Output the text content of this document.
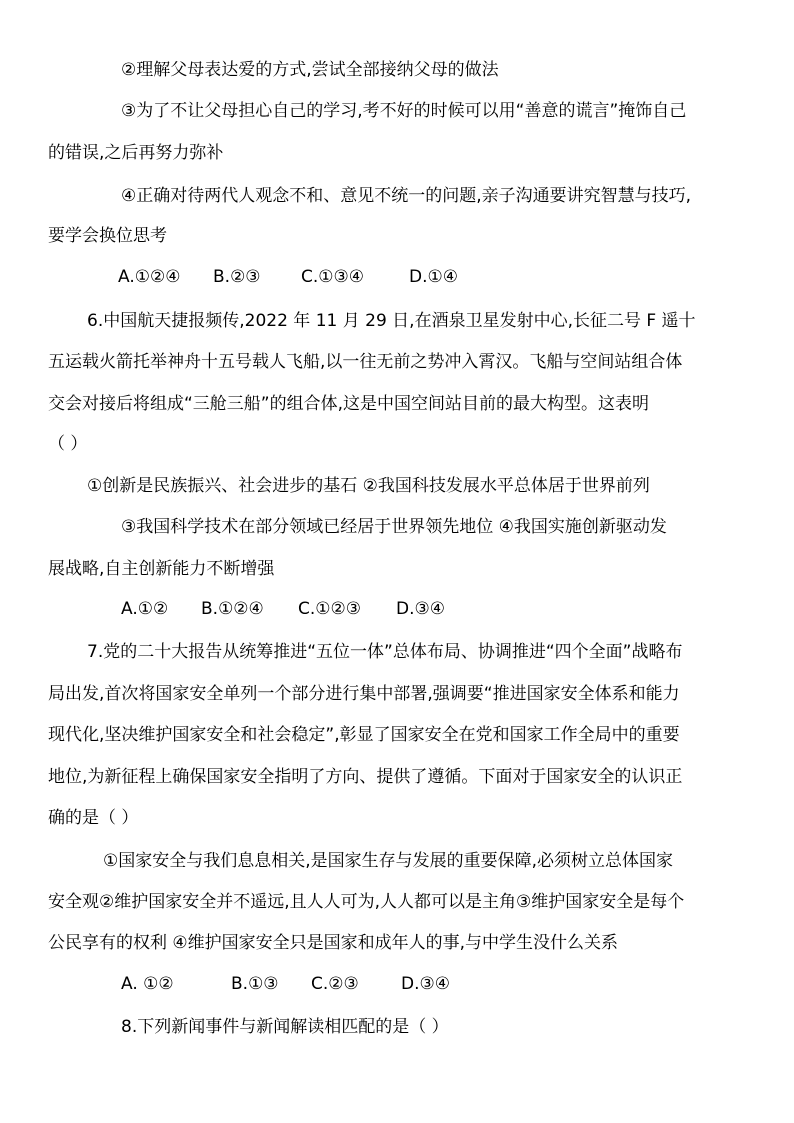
②理解父母表达爱的方式,尝试全部接纳父母的做法
③为了不让父母担心自己的学习,考不好的时候可以用“善意的谎言”掩饰自己
的错误,之后再努力弥补
④正确对待两代人观念不和、意见不统一的问题,亲子沟通要讲究智慧与技巧,
要学会换位思考
A.①②④ B.②③ C.①③④	D.①④
6.中国航天捷报频传,2022 年 11 月 29 日,在酒泉卫星发射中心,长征二号 F 遥十
五运载火箭托举神舟十五号载人飞船,以一往无前之势冲入霄汉。飞船与空间站组合体
交会对接后将组成“三舱三船”的组合体,这是中国空间站目前的最大构型。这表明
（ ）
①创新是民族振兴、社会进步的基石 ②我国科技发展水平总体居于世界前列
③我国科学技术在部分领域已经居于世界领先地位 ④我国实施创新驱动发
展战略,自主创新能力不断增强
A.①② B.①②④ C.①②③ D.③④
7.党的二十大报告从统筹推进“五位一体”总体布局、协调推进“四个全面”战略布
局出发,首次将国家安全单列一个部分进行集中部署,强调要“推进国家安全体系和能力
现代化,坚决维护国家安全和社会稳定”,彰显了国家安全在党和国家工作全局中的重要
地位,为新征程上确保国家安全指明了方向、提供了遵循。下面对于国家安全的认识正
确的是（ ）
①国家安全与我们息息相关,是国家生存与发展的重要保障,必须树立总体国家
安全观②维护国家安全并不遥远,且人人可为,人人都可以是主角③维护国家安全是每个
公民享有的权利 ④维护国家安全只是国家和成年人的事,与中学生没什么关系
A. ①②	B.①③ C.②③ D.③④
8.下列新闻事件与新闻解读相匹配的是（ ）
